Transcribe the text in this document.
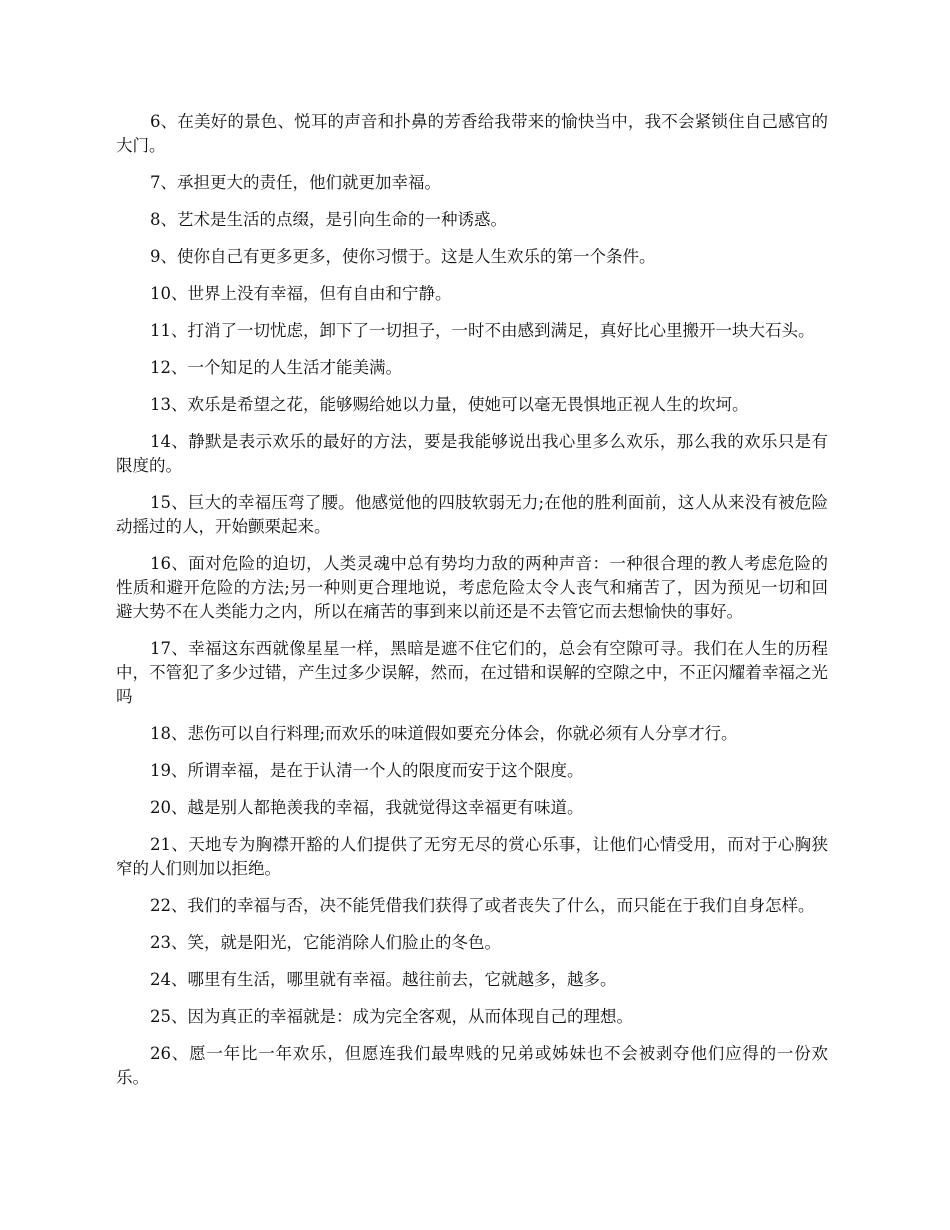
6、在美好的景色、悦耳的声音和扑鼻的芳香给我带来的愉快当中，我不会紧锁住自己感官的大门。

7、承担更大的责任，他们就更加幸福。

8、艺术是生活的点缀，是引向生命的一种诱惑。

9、使你自己有更多更多，使你习惯于。这是人生欢乐的第一个条件。

10、世界上没有幸福，但有自由和宁静。

11、打消了一切忧虑，卸下了一切担子，一时不由感到满足，真好比心里搬开一块大石头。

12、一个知足的人生活才能美满。

13、欢乐是希望之花，能够赐给她以力量，使她可以毫无畏惧地正视人生的坎坷。

14、静默是表示欢乐的最好的方法，要是我能够说出我心里多么欢乐，那么我的欢乐只是有限度的。

15、巨大的幸福压弯了腰。他感觉他的四肢软弱无力;在他的胜利面前，这人从来没有被危险动摇过的人，开始颤栗起来。

16、面对危险的迫切，人类灵魂中总有势均力敌的两种声音：一种很合理的教人考虑危险的性质和避开危险的方法;另一种则更合理地说，考虑危险太令人丧气和痛苦了，因为预见一切和回避大势不在人类能力之内，所以在痛苦的事到来以前还是不去管它而去想愉快的事好。

17、幸福这东西就像星星一样，黑暗是遮不住它们的，总会有空隙可寻。我们在人生的历程中，不管犯了多少过错，产生过多少误解，然而，在过错和误解的空隙之中，不正闪耀着幸福之光吗

18、悲伤可以自行料理;而欢乐的味道假如要充分体会，你就必须有人分享才行。

19、所谓幸福，是在于认清一个人的限度而安于这个限度。

20、越是别人都艳羡我的幸福，我就觉得这幸福更有味道。

21、天地专为胸襟开豁的人们提供了无穷无尽的赏心乐事，让他们心情受用，而对于心胸狭窄的人们则加以拒绝。

22、我们的幸福与否，决不能凭借我们获得了或者丧失了什么，而只能在于我们自身怎样。

23、笑，就是阳光，它能消除人们脸止的冬色。

24、哪里有生活，哪里就有幸福。越往前去，它就越多，越多。

25、因为真正的幸福就是：成为完全客观，从而体现自己的理想。

26、愿一年比一年欢乐，但愿连我们最卑贱的兄弟或姊妹也不会被剥夺他们应得的一份欢乐。
